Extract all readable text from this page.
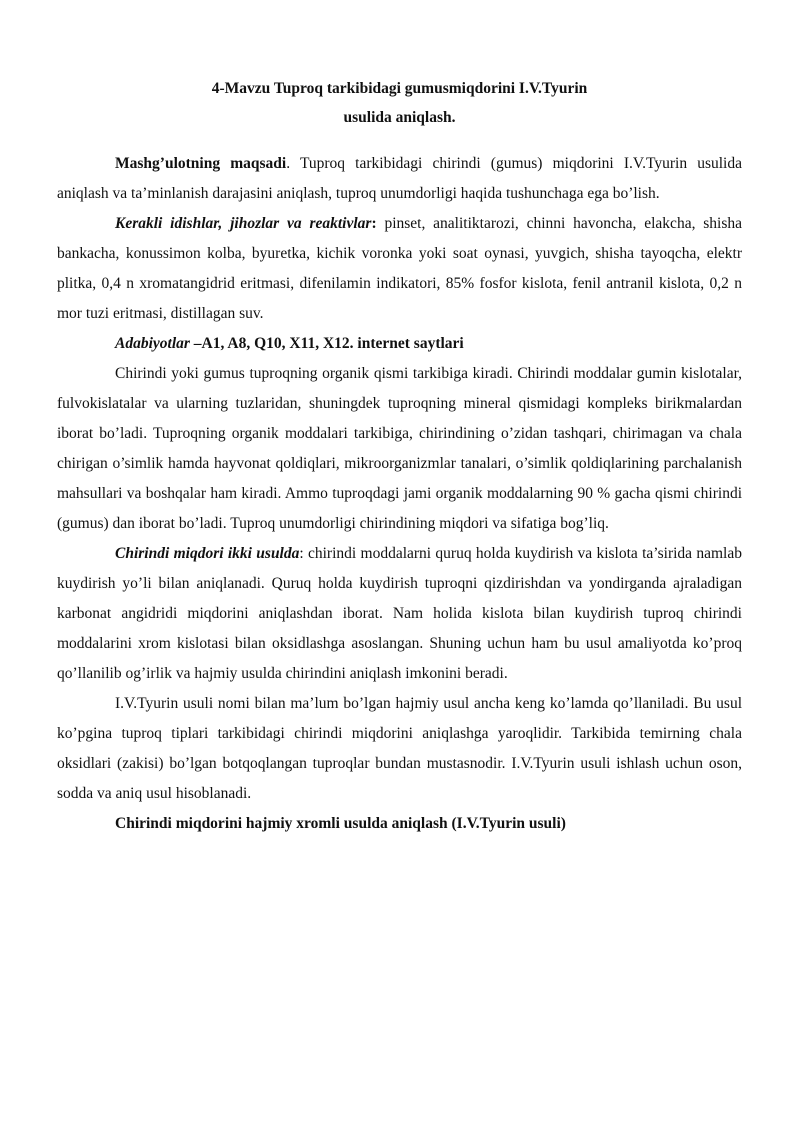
4-Mavzu Tuproq tarkibidagi gumusmiqdorini I.V.Tyurin
usulida aniqlash.

Mashg’ulotning maqsadi. Tuproq tarkibidagi chirindi (gumus) miqdorini I.V.Tyurin usulida aniqlash va ta’minlanish darajasini aniqlash, tuproq unumdorligi haqida tushunchaga ega bo’lish.

Kerakli idishlar, jihozlar va reaktivlar: pinset, analitiktarozi, chinni havoncha, elakcha, shisha bankacha, konussimon kolba, byuretka, kichik voronka yoki soat oynasi, yuvgich, shisha tayoqcha, elektr plitka, 0,4 n xromatangidrid eritmasi, difenilamin indikatori, 85% fosfor kislota, fenil antranil kislota, 0,2 n mor tuzi eritmasi, distillagan suv.

Adabiyotlar –A1, A8, Q10, X11, X12. internet saytlari

Chirindi yoki gumus tuproqning organik qismi tarkibiga kiradi. Chirindi moddalar gumin kislotalar, fulvokislatalar va ularning tuzlaridan, shuningdek tuproqning mineral qismidagi kompleks birikmalardan iborat bo’ladi. Tuproqning organik moddalari tarkibiga, chirindining o’zidan tashqari, chirimagan va chala chirigan o’simlik hamda hayvonat qoldiqlari, mikroorganizmlar tanalari, o’simlik qoldiqlarining parchalanish mahsullari va boshqalar ham kiradi. Ammo tuproqdagi jami organik moddalarning 90 % gacha qismi chirindi (gumus) dan iborat bo’ladi. Tuproq unumdorligi chirindining miqdori va sifatiga bog’liq.

Chirindi miqdori ikki usulda: chirindi moddalarni quruq holda kuydirish va kislota ta’sirida namlab kuydirish yo’li bilan aniqlanadi. Quruq holda kuydirish tuproqni qizdirishdan va yondirganda ajraladigan karbonat angidridi miqdorini aniqlashdan iborat. Nam holida kislota bilan kuydirish tuproq chirindi moddalarini xrom kislotasi bilan oksidlashga asoslangan. Shuning uchun ham bu usul amaliyotda ko’proq qo’llanilib og’irlik va hajmiy usulda chirindini aniqlash imkonini beradi.

I.V.Tyurin usuli nomi bilan ma’lum bo’lgan hajmiy usul ancha keng ko’lamda qo’llaniladi. Bu usul ko’pgina tuproq tiplari tarkibidagi chirindi miqdorini aniqlashga yaroqlidir. Tarkibida temirning chala oksidlari (zakisi) bo’lgan botqoqlangan tuproqlar bundan mustasnodir. I.V.Tyurin usuli ishlash uchun oson, sodda va aniq usul hisoblanadi.

Chirindi miqdorini hajmiy xromli usulda aniqlash (I.V.Tyurin usuli)
